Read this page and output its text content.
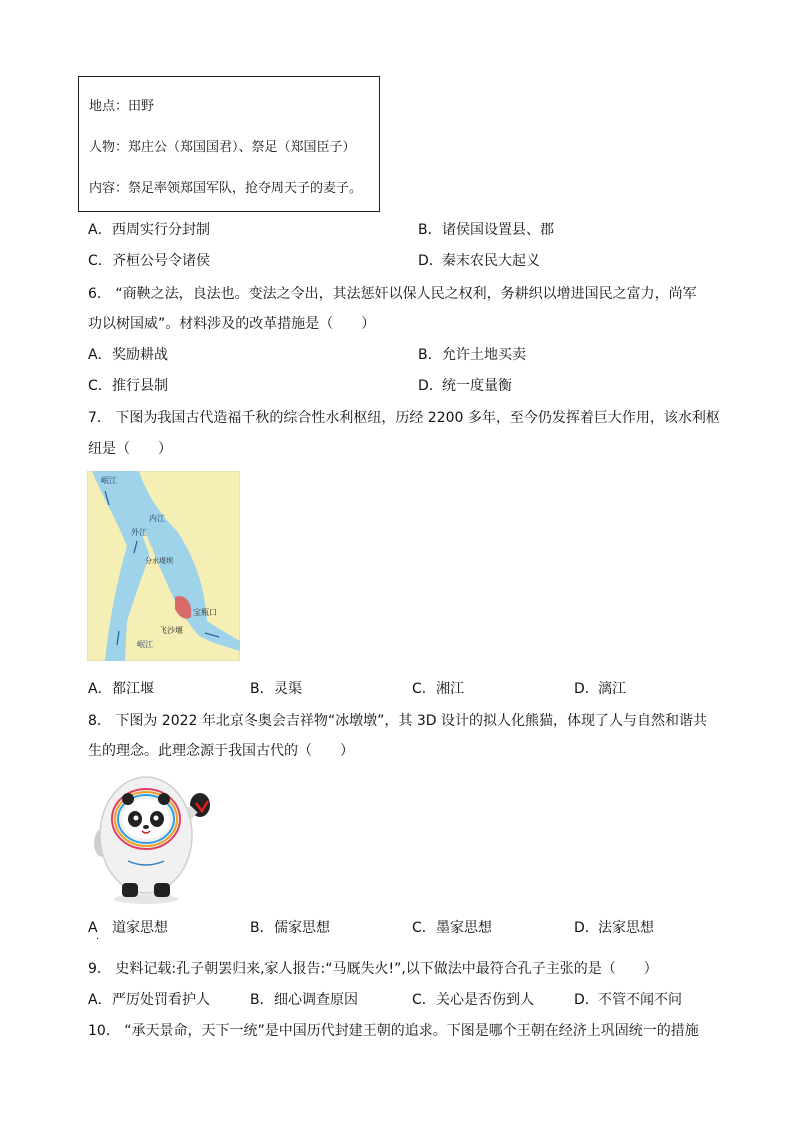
地点：田野
人物：郑庄公（郑国国君）、祭足（郑国臣子）
内容：祭足率领郑国军队，抢夺周天子的麦子。
A．西周实行分封制	B．诸侯国设置县、郡
C．齐桓公号令诸侯	D．秦末农民大起义
6． “商鞅之法，良法也。变法之令出，其法惩奸以保人民之权利，务耕织以增进国民之富力，尚军
功以树国威”。材料涉及的改革措施是（　　）
A．奖励耕战	B．允许土地买卖
C．推行县制	D．统一度量衡
7． 下图为我国古代造福千秋的综合性水利枢纽，历经 2200 多年，至今仍发挥着巨大作用，该水利枢
纽是（　　）
岷江
内江
外江
宝瓶口
飞沙堰
岷江
分水堤坝
A．都江堰	B．灵渠	C．湘江	D．漓江
8． 下图为 2022 年北京冬奥会吉祥物“冰墩墩”，其 3D 设计的拟人化熊猫，体现了人与自然和谐共
生的理念。此理念源于我国古代的（　　）
A 道家思想
·
B．儒家思想	C．墨家思想	D．法家思想
9． 史料记载:孔子朝罢归来,家人报告:“马厩失火!”,以下做法中最符合孔子主张的是（　　）
A．严厉处罚看护人	B．细心调查原因	C．关心是否伤到人	D．不管不闻不问
10． “承天景命，天下一统”是中国历代封建王朝的追求。下图是哪个王朝在经济上巩固统一的措施
